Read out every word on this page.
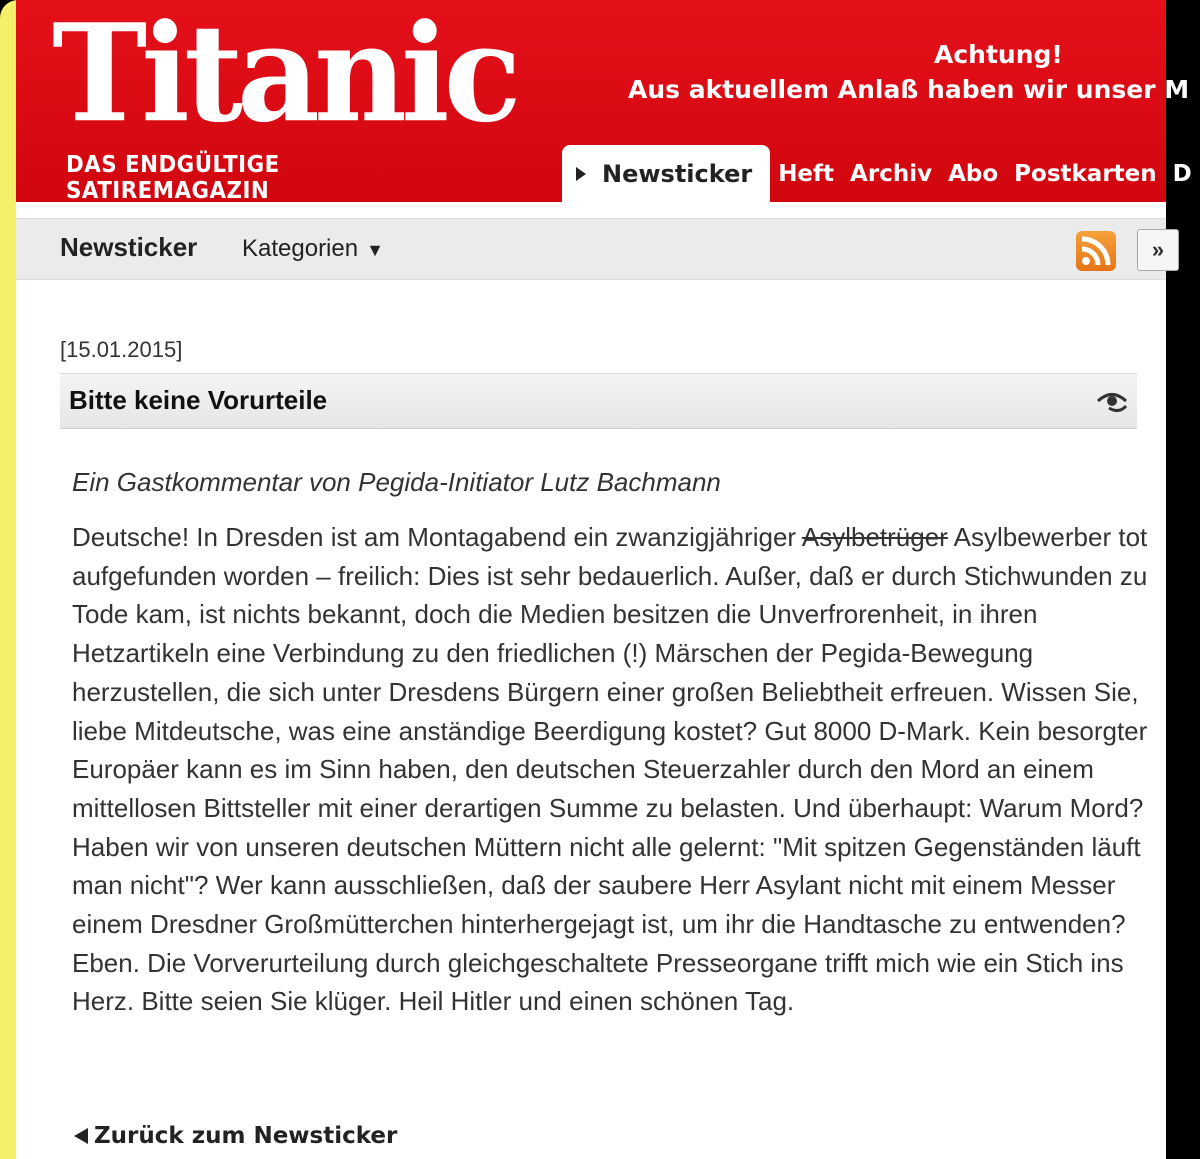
Titanic
DAS ENDGÜLTIGE SATIREMAGAZIN
Achtung!
Aus aktuellem Anlaß haben wir unser M
Newsticker	Heft Archiv Abo Postkarten D
Newsticker Kategorien ▼	»
[15.01.2015]
Bitte keine Vorurteile
Ein Gastkommentar von Pegida-Initiator Lutz Bachmann
Deutsche! In Dresden ist am Montagabend ein zwanzigjähriger Asylbetrüger Asylbewerber tot aufgefunden worden – freilich: Dies ist sehr bedauerlich. Außer, daß er durch Stichwunden zu Tode kam, ist nichts bekannt, doch die Medien besitzen die Unverfrorenheit, in ihren Hetzartikeln eine Verbindung zu den friedlichen (!) Märschen der Pegida-Bewegung herzustellen, die sich unter Dresdens Bürgern einer großen Beliebtheit erfreuen. Wissen Sie, liebe Mitdeutsche, was eine anständige Beerdigung kostet? Gut 8000 D-Mark. Kein besorgter Europäer kann es im Sinn haben, den deutschen Steuerzahler durch den Mord an einem mittellosen Bittsteller mit einer derartigen Summe zu belasten. Und überhaupt: Warum Mord? Haben wir von unseren deutschen Müttern nicht alle gelernt: "Mit spitzen Gegenständen läuft man nicht"? Wer kann ausschließen, daß der saubere Herr Asylant nicht mit einem Messer einem Dresdner Großmütterchen hinterhergejagt ist, um ihr die Handtasche zu entwenden? Eben. Die Vorverurteilung durch gleichgeschaltete Presseorgane trifft mich wie ein Stich ins Herz. Bitte seien Sie klüger. Heil Hitler und einen schönen Tag.
Zurück zum Newsticker
